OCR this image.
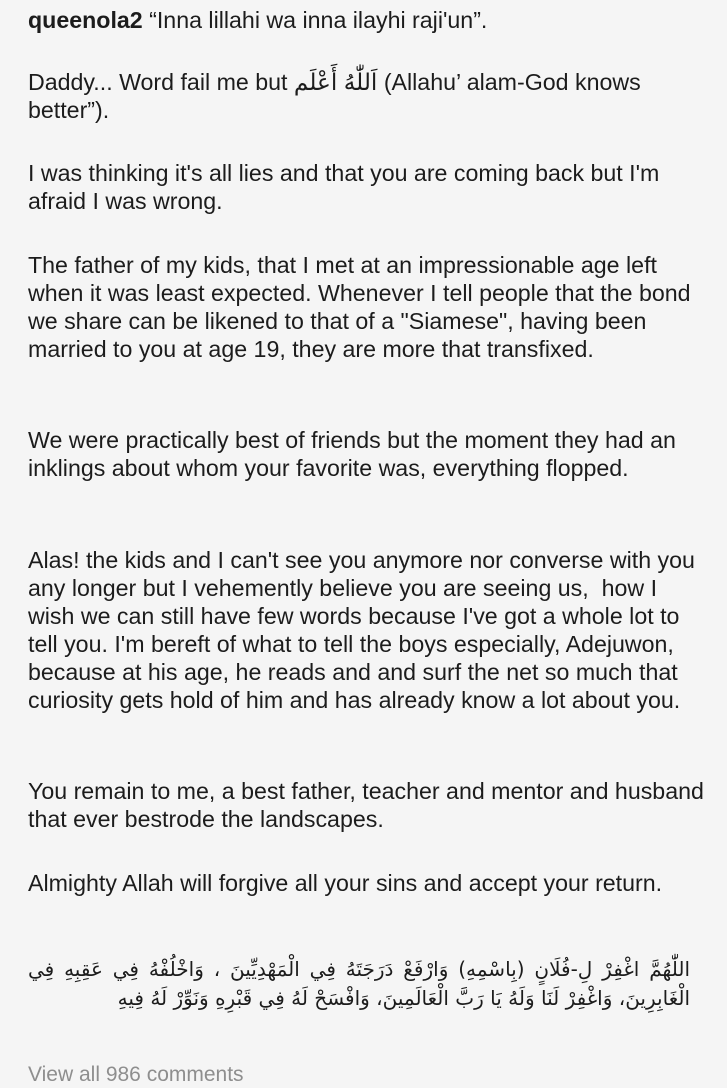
queenola2 “Inna lillahi wa inna ilayhi raji'un”.

Daddy... Word fail me but اَللّٰهُ أَعْلَم (Allahu’ alam-God knows better”).

I was thinking it's all lies and that you are coming back but I'm afraid I was wrong.

The father of my kids, that I met at an impressionable age left when it was least expected. Whenever I tell people that the bond we share can be likened to that of a "Siamese", having been married to you at age 19, they are more that transfixed.

We were practically best of friends but the moment they had an inklings about whom your favorite was, everything flopped.

Alas! the kids and I can't see you anymore nor converse with you any longer but I vehemently believe you are seeing us,  how I wish we can still have few words because I've got a whole lot to tell you. I'm bereft of what to tell the boys especially, Adejuwon, because at his age, he reads and and surf the net so much that curiosity gets hold of him and has already know a lot about you.

You remain to me, a best father, teacher and mentor and husband that ever bestrode the landscapes.

Almighty Allah will forgive all your sins and accept your return.

اللّٰهُمَّ اغْفِرْ لِ-فُلَانٍ (بِاسْمِهِ) وَارْفَعْ دَرَجَتَهُ فِي الْمَهْدِيِّينَ ، وَاخْلُفْهُ فِي عَقِبِهِ فِي الْغَابِرِينَ، وَاغْفِرْ لَنَا وَلَهُ يَا رَبَّ الْعَالَمِينَ، وَافْسَحْ لَهُ فِي قَبْرِهِ وَنَوِّرْ لَهُ فِيهِ

View all 986 comments
